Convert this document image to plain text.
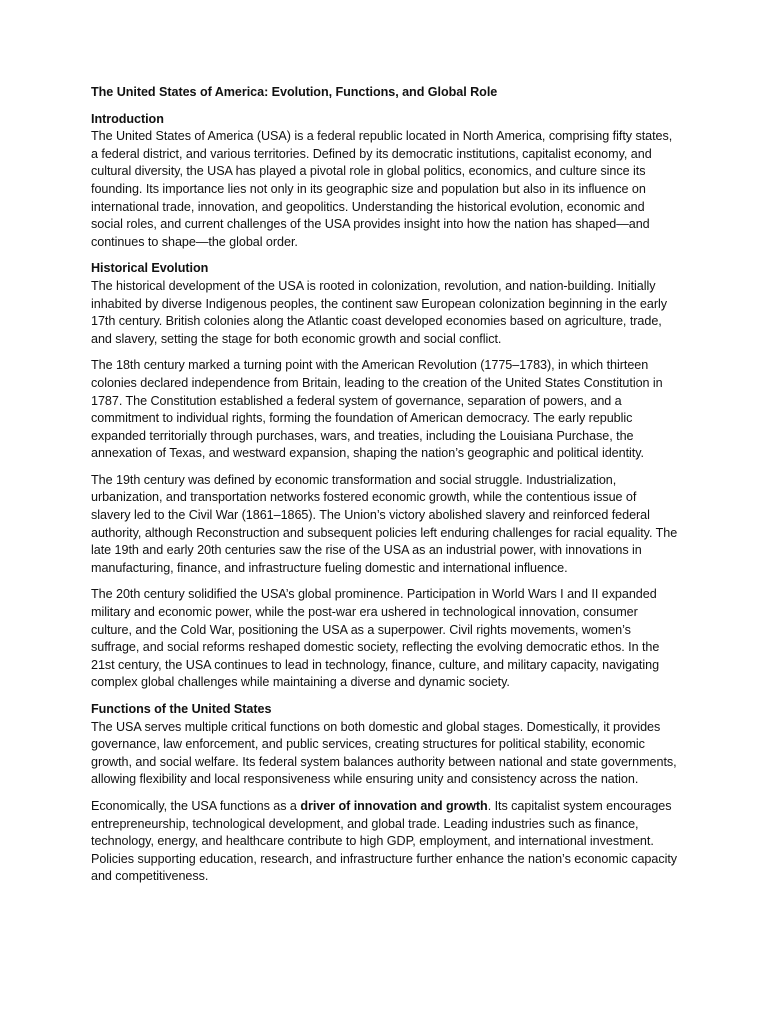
The United States of America: Evolution, Functions, and Global Role
Introduction

The United States of America (USA) is a federal republic located in North America, comprising fifty states, a federal district, and various territories. Defined by its democratic institutions, capitalist economy, and cultural diversity, the USA has played a pivotal role in global politics, economics, and culture since its founding. Its importance lies not only in its geographic size and population but also in its influence on international trade, innovation, and geopolitics. Understanding the historical evolution, economic and social roles, and current challenges of the USA provides insight into how the nation has shaped—and continues to shape—the global order.

Historical Evolution

The historical development of the USA is rooted in colonization, revolution, and nation-building. Initially inhabited by diverse Indigenous peoples, the continent saw European colonization beginning in the early 17th century. British colonies along the Atlantic coast developed economies based on agriculture, trade, and slavery, setting the stage for both economic growth and social conflict.

The 18th century marked a turning point with the American Revolution (1775–1783), in which thirteen colonies declared independence from Britain, leading to the creation of the United States Constitution in 1787. The Constitution established a federal system of governance, separation of powers, and a commitment to individual rights, forming the foundation of American democracy. The early republic expanded territorially through purchases, wars, and treaties, including the Louisiana Purchase, the annexation of Texas, and westward expansion, shaping the nation’s geographic and political identity.

The 19th century was defined by economic transformation and social struggle. Industrialization, urbanization, and transportation networks fostered economic growth, while the contentious issue of slavery led to the Civil War (1861–1865). The Union’s victory abolished slavery and reinforced federal authority, although Reconstruction and subsequent policies left enduring challenges for racial equality. The late 19th and early 20th centuries saw the rise of the USA as an industrial power, with innovations in manufacturing, finance, and infrastructure fueling domestic and international influence.

The 20th century solidified the USA’s global prominence. Participation in World Wars I and II expanded military and economic power, while the post-war era ushered in technological innovation, consumer culture, and the Cold War, positioning the USA as a superpower. Civil rights movements, women’s suffrage, and social reforms reshaped domestic society, reflecting the evolving democratic ethos. In the 21st century, the USA continues to lead in technology, finance, culture, and military capacity, navigating complex global challenges while maintaining a diverse and dynamic society.

Functions of the United States

The USA serves multiple critical functions on both domestic and global stages. Domestically, it provides governance, law enforcement, and public services, creating structures for political stability, economic growth, and social welfare. Its federal system balances authority between national and state governments, allowing flexibility and local responsiveness while ensuring unity and consistency across the nation.

Economically, the USA functions as a driver of innovation and growth. Its capitalist system encourages entrepreneurship, technological development, and global trade. Leading industries such as finance, technology, energy, and healthcare contribute to high GDP, employment, and international investment. Policies supporting education, research, and infrastructure further enhance the nation’s economic capacity and competitiveness.
